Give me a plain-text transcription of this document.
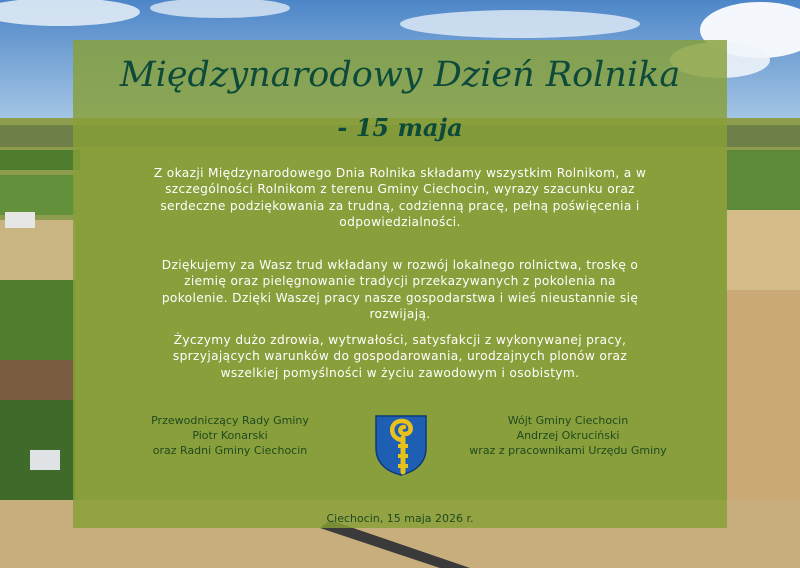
Międzynarodowy Dzień Rolnika
- 15 maja

Z okazji Międzynarodowego Dnia Rolnika składamy wszystkim Rolnikom, a w szczególności Rolnikom z terenu Gminy Ciechocin, wyrazy szacunku oraz serdeczne podziękowania za trudną, codzienną pracę, pełną poświęcenia i odpowiedzialności.

Dziękujemy za Wasz trud wkładany w rozwój lokalnego rolnictwa, troskę o ziemię oraz pielęgnowanie tradycji przekazywanych z pokolenia na pokolenie. Dzięki Waszej pracy nasze gospodarstwa i wieś nieustannie się rozwijają.

Życzymy dużo zdrowia, wytrwałości, satysfakcji z wykonywanej pracy, sprzyjających warunków do gospodarowania, urodzajnych plonów oraz wszelkiej pomyślności w życiu zawodowym i osobistym.

Przewodniczący Rady Gminy
Piotr Konarski
oraz Radni Gminy Ciechocin
Wójt Gminy Ciechocin
Andrzej Okruciński
wraz z pracownikami Urzędu Gminy
Ciechocin, 15 maja 2026 r.
